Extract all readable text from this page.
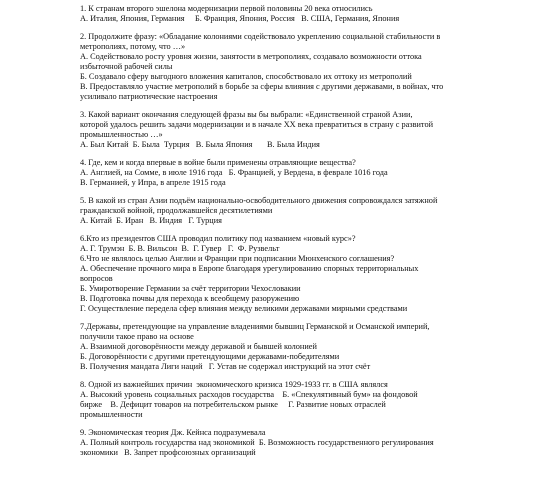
1. К странам второго эшелона модернизации первой половины 20 века относились
А. Италия, Япония, Германия     Б. Франция, Япония, Россия   В. США, Германия, Япония
2. Продолжите фразу: «Обладание колониями содействовало укреплению социальной стабильности в
метрополиях, потому, что …»
А. Содействовало росту уровня жизни, занятости в метрополиях, создавало возможности оттока
избыточной рабочей силы
Б. Создавало сферу выгодного вложения капиталов, способствовало их оттоку из метрополий
В. Предоставляло участие метрополий в борьбе за сферы влияния с другими державами, в войнах, что
усиливало патриотические настроения
3. Какой вариант окончания следующей фразы вы бы выбрали: «Единственной страной Азии,
которой удалось решить задачи модернизации и в начале XX века превратиться в страну с развитой
промышленностью …»
А. Был Китай  Б. Была  Турция   В. Была Япония       В. Была Индия
4. Где, кем и когда впервые в войне были применены отравляющие вещества?
А. Англией, на Сомме, в июле 1916 года   Б. Францией, у Вердена, в феврале 1016 года
В. Германией, у Ипра, в апреле 1915 года
5. В какой из стран Азии подъём национально-освободительного движения сопровождался затяжной
гражданской войной, продолжавшейся десятилетиями
А. Китай  Б. Иран   В. Индия   Г. Турция
6.Кто из президентов США проводил политику под названием «новый курс»?
А. Г. Трумэн  Б. В. Вильсон  В.  Г. Гувер   Г.  Ф. Рузвельт
6.Что не являлось целью Англии и Франции при подписании Мюнхенского соглашения?
А. Обеспечение прочного мира в Европе благодаря урегулированию спорных территориальных
вопросов
Б. Умиротворение Германии за счёт территории Чехословакии
В. Подготовка почвы для перехода к всеобщему разоружению
Г. Осуществление передела сфер влияния между великими державами мирными средствами
7.Державы, претендующие на управление владениями бывшиц Германской и Османской империй,
получили такое право на основе
А. Взаимной договорённости между державой и бывшей колонией
Б. Договорённости с другими претендующими державами-победителями
В. Получения мандата Лиги наций   Г. Устав не содержал инструкций на этот счёт
8. Одной из важнейших причин  экономического кризиса 1929-1933 гг. в США являлся
А. Высокий уровень социальных расходов государства    Б. «Спекулятивный бум» на фондовой
бирже    В. Дефицит товаров на потребительском рынке     Г. Развитие новых отраслей
промышленности
9. Экономическая теория Дж. Кейнса подразумевала
А. Полный контроль государства над экономикой  Б. Возможность государственного регулирования
экономики   В. Запрет профсоюзных организаций
